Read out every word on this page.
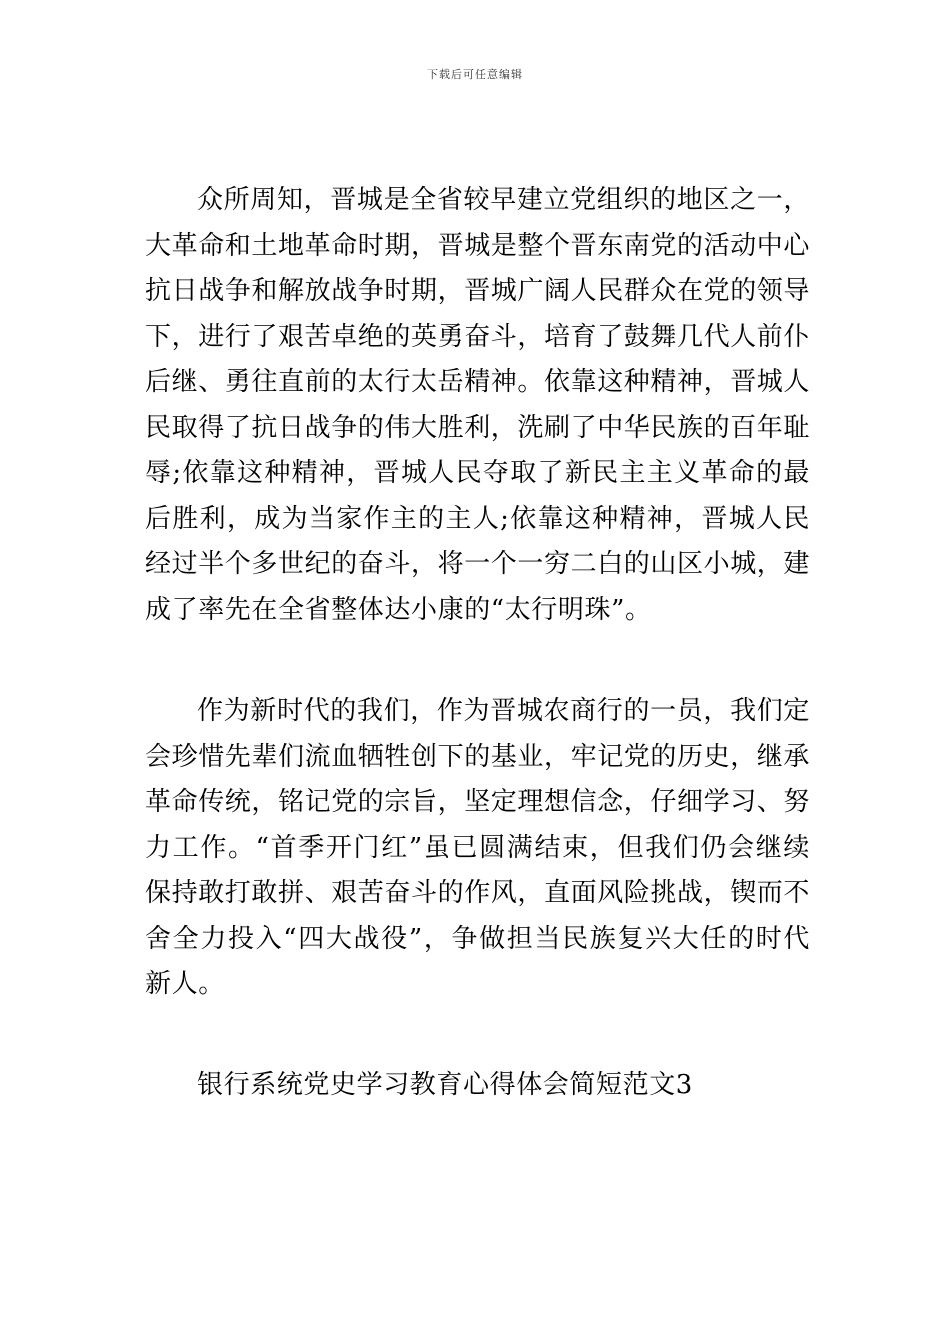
下载后可任意编辑

众所周知，晋城是全省较早建立党组织的地区之一，大革命和土地革命时期，晋城是整个晋东南党的活动中心抗日战争和解放战争时期，晋城广阔人民群众在党的领导下，进行了艰苦卓绝的英勇奋斗，培育了鼓舞几代人前仆后继、勇往直前的太行太岳精神。依靠这种精神，晋城人民取得了抗日战争的伟大胜利，洗刷了中华民族的百年耻辱;依靠这种精神，晋城人民夺取了新民主主义革命的最后胜利，成为当家作主的主人;依靠这种精神，晋城人民经过半个多世纪的奋斗，将一个一穷二白的山区小城，建成了率先在全省整体达小康的“太行明珠”。

作为新时代的我们，作为晋城农商行的一员，我们定会珍惜先辈们流血牺牲创下的基业，牢记党的历史，继承革命传统，铭记党的宗旨，坚定理想信念，仔细学习、努力工作。“首季开门红”虽已圆满结束，但我们仍会继续保持敢打敢拼、艰苦奋斗的作风，直面风险挑战，锲而不舍全力投入“四大战役”，争做担当民族复兴大任的时代新人。

银行系统党史学习教育心得体会简短范文3
